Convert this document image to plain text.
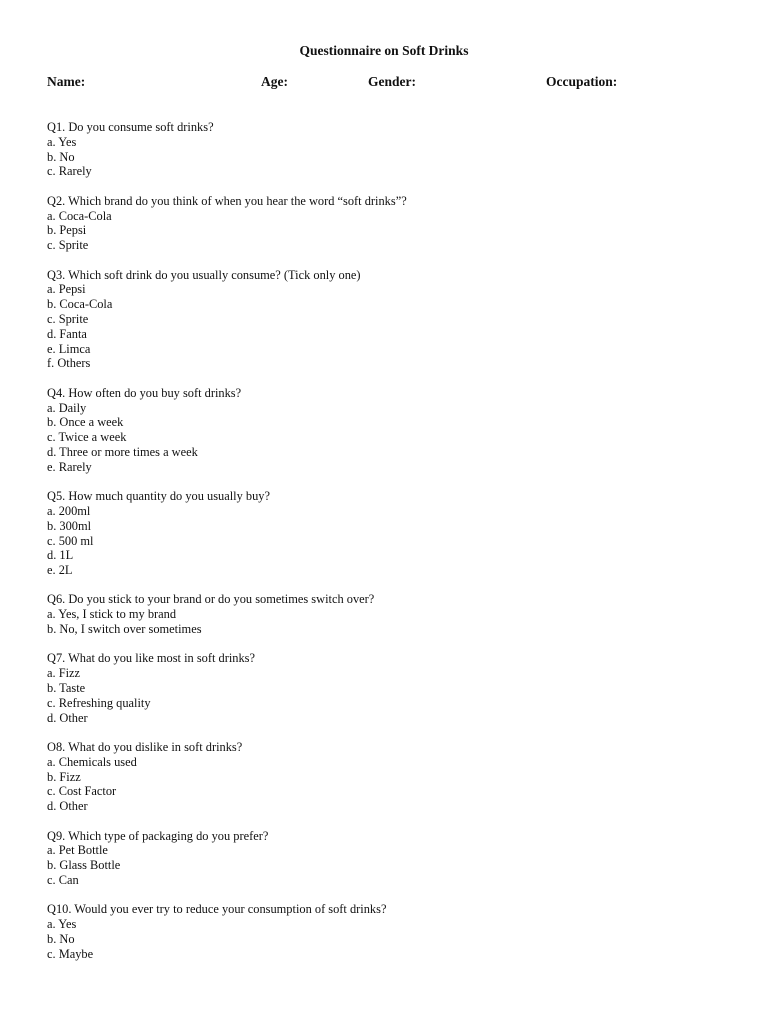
Questionnaire on Soft Drinks
Name:	Age:	Gender:	Occupation:
Q1. Do you consume soft drinks?
a. Yes
b. No
c. Rarely
Q2. Which brand do you think of when you hear the word “soft drinks”?
a. Coca-Cola
b. Pepsi
c. Sprite
Q3. Which soft drink do you usually consume? (Tick only one)
a. Pepsi
b. Coca-Cola
c. Sprite
d. Fanta
e. Limca
f. Others
Q4. How often do you buy soft drinks?
a. Daily
b. Once a week
c. Twice a week
d. Three or more times a week
e. Rarely
Q5. How much quantity do you usually buy?
a. 200ml
b. 300ml
c. 500 ml
d. 1L
e. 2L
Q6. Do you stick to your brand or do you sometimes switch over?
a. Yes, I stick to my brand
b. No, I switch over sometimes
Q7. What do you like most in soft drinks?
a. Fizz
b. Taste
c. Refreshing quality
d. Other
O8. What do you dislike in soft drinks?
a. Chemicals used
b. Fizz
c. Cost Factor
d. Other
Q9. Which type of packaging do you prefer?
a. Pet Bottle
b. Glass Bottle
c. Can
Q10. Would you ever try to reduce your consumption of soft drinks?
a. Yes
b. No
c. Maybe
